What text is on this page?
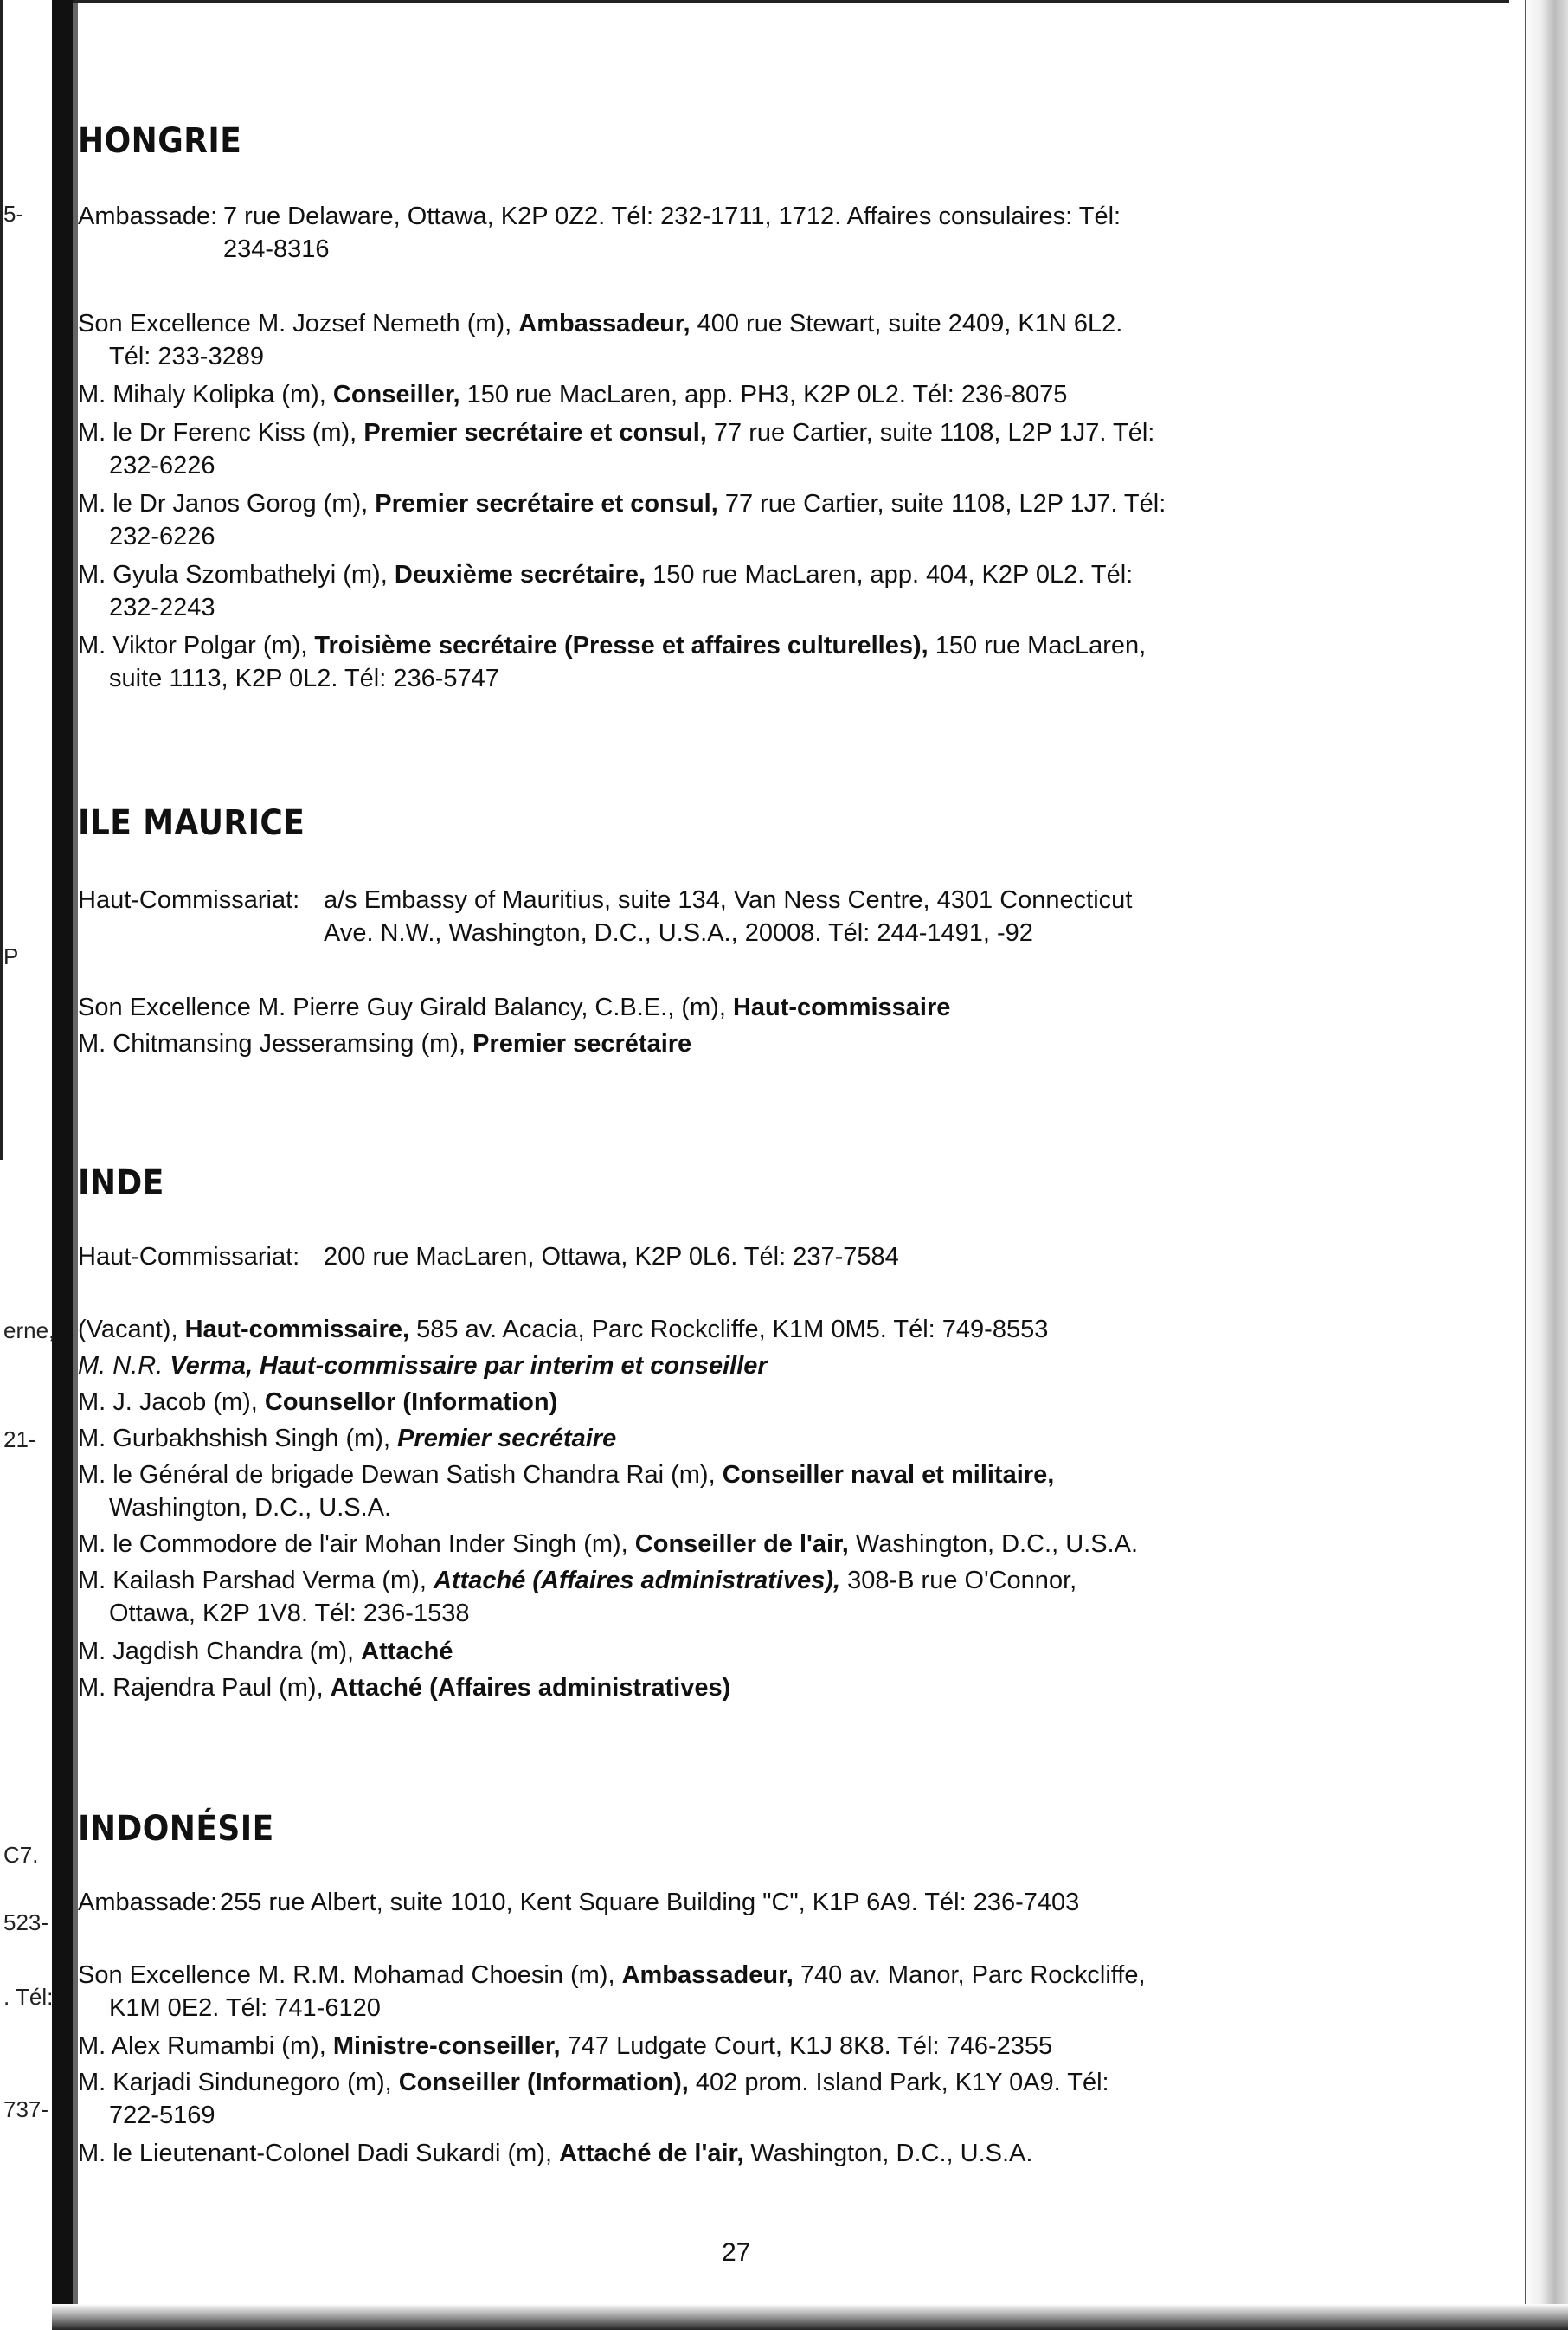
5-
P
erne,
21-
C7.
523-
. Tél:
737-
HONGRIE
Ambassade: 7 rue Delaware, Ottawa, K2P 0Z2. Tél: 232-1711, 1712. Affaires consulaires: Tél:
234-8316
Son Excellence M. Jozsef Nemeth (m), Ambassadeur, 400 rue Stewart, suite 2409, K1N 6L2.
Tél: 233-3289
M. Mihaly Kolipka (m), Conseiller, 150 rue MacLaren, app. PH3, K2P 0L2. Tél: 236-8075
M. le Dr Ferenc Kiss (m), Premier secrétaire et consul, 77 rue Cartier, suite 1108, L2P 1J7. Tél:
232-6226
M. le Dr Janos Gorog (m), Premier secrétaire et consul, 77 rue Cartier, suite 1108, L2P 1J7. Tél:
232-6226
M. Gyula Szombathelyi (m), Deuxième secrétaire, 150 rue MacLaren, app. 404, K2P 0L2. Tél:
232-2243
M. Viktor Polgar (m), Troisième secrétaire (Presse et affaires culturelles), 150 rue MacLaren,
suite 1113, K2P 0L2. Tél: 236-5747
ILE MAURICE
Haut-Commissariat: a/s Embassy of Mauritius, suite 134, Van Ness Centre, 4301 Connecticut
Ave. N.W., Washington, D.C., U.S.A., 20008. Tél: 244-1491, -92
Son Excellence M. Pierre Guy Girald Balancy, C.B.E., (m), Haut-commissaire
M. Chitmansing Jesseramsing (m), Premier secrétaire
INDE
Haut-Commissariat: 200 rue MacLaren, Ottawa, K2P 0L6. Tél: 237-7584
(Vacant), Haut-commissaire, 585 av. Acacia, Parc Rockcliffe, K1M 0M5. Tél: 749-8553
M. N.R. Verma, Haut-commissaire par interim et conseiller
M. J. Jacob (m), Counsellor (Information)
M. Gurbakhshish Singh (m), Premier secrétaire
M. le Général de brigade Dewan Satish Chandra Rai (m), Conseiller naval et militaire,
Washington, D.C., U.S.A.
M. le Commodore de l'air Mohan Inder Singh (m), Conseiller de l'air, Washington, D.C., U.S.A.
M. Kailash Parshad Verma (m), Attaché (Affaires administratives), 308-B rue O'Connor,
Ottawa, K2P 1V8. Tél: 236-1538
M. Jagdish Chandra (m), Attaché
M. Rajendra Paul (m), Attaché (Affaires administratives)
INDONÉSIE
Ambassade:255 rue Albert, suite 1010, Kent Square Building "C", K1P 6A9. Tél: 236-7403
Son Excellence M. R.M. Mohamad Choesin (m), Ambassadeur, 740 av. Manor, Parc Rockcliffe,
K1M 0E2. Tél: 741-6120
M. Alex Rumambi (m), Ministre-conseiller, 747 Ludgate Court, K1J 8K8. Tél: 746-2355
M. Karjadi Sindunegoro (m), Conseiller (Information), 402 prom. Island Park, K1Y 0A9. Tél:
722-5169
M. le Lieutenant-Colonel Dadi Sukardi (m), Attaché de l'air, Washington, D.C., U.S.A.
27
